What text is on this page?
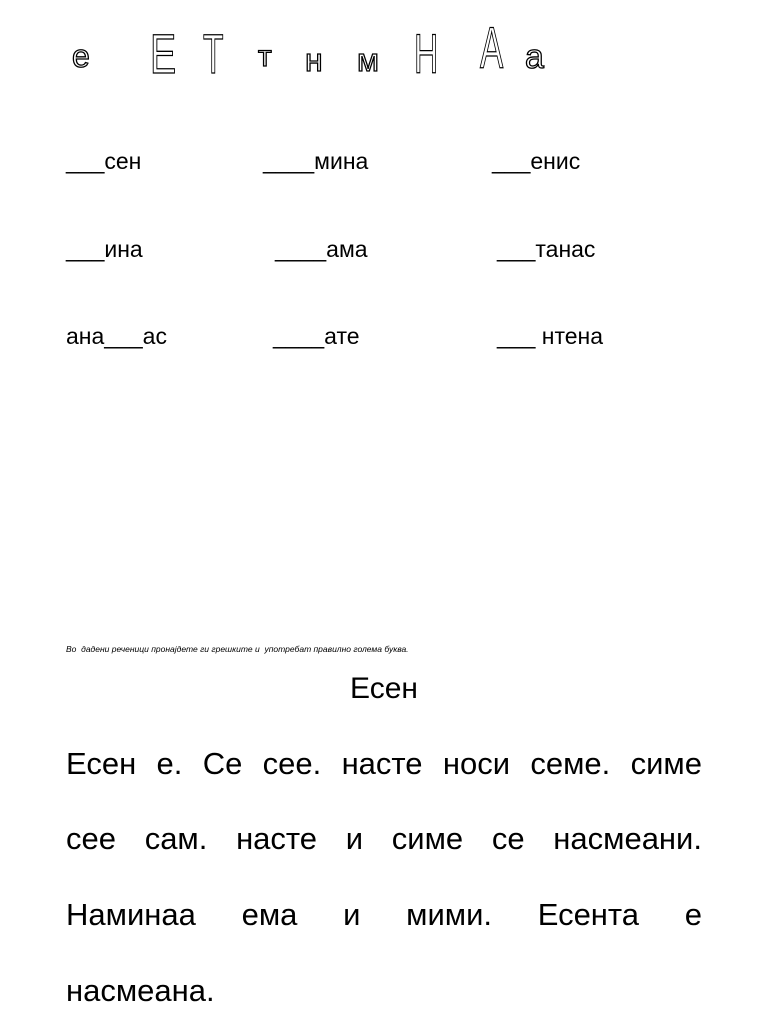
е Е Т т н м Н А а
___сен	____мина	___енис
___ина	____ама	___танас
ана___ас	____ате	___ нтена
Во  дадени реченици пронајдете ги грешките и  употребат правилно голема буква.
Есен
Есен е. Се сее. насте носи семе. симе
сее сам. насте и симе се насмеани.
Наминаа ема и мими. Есента е
насмеана.
